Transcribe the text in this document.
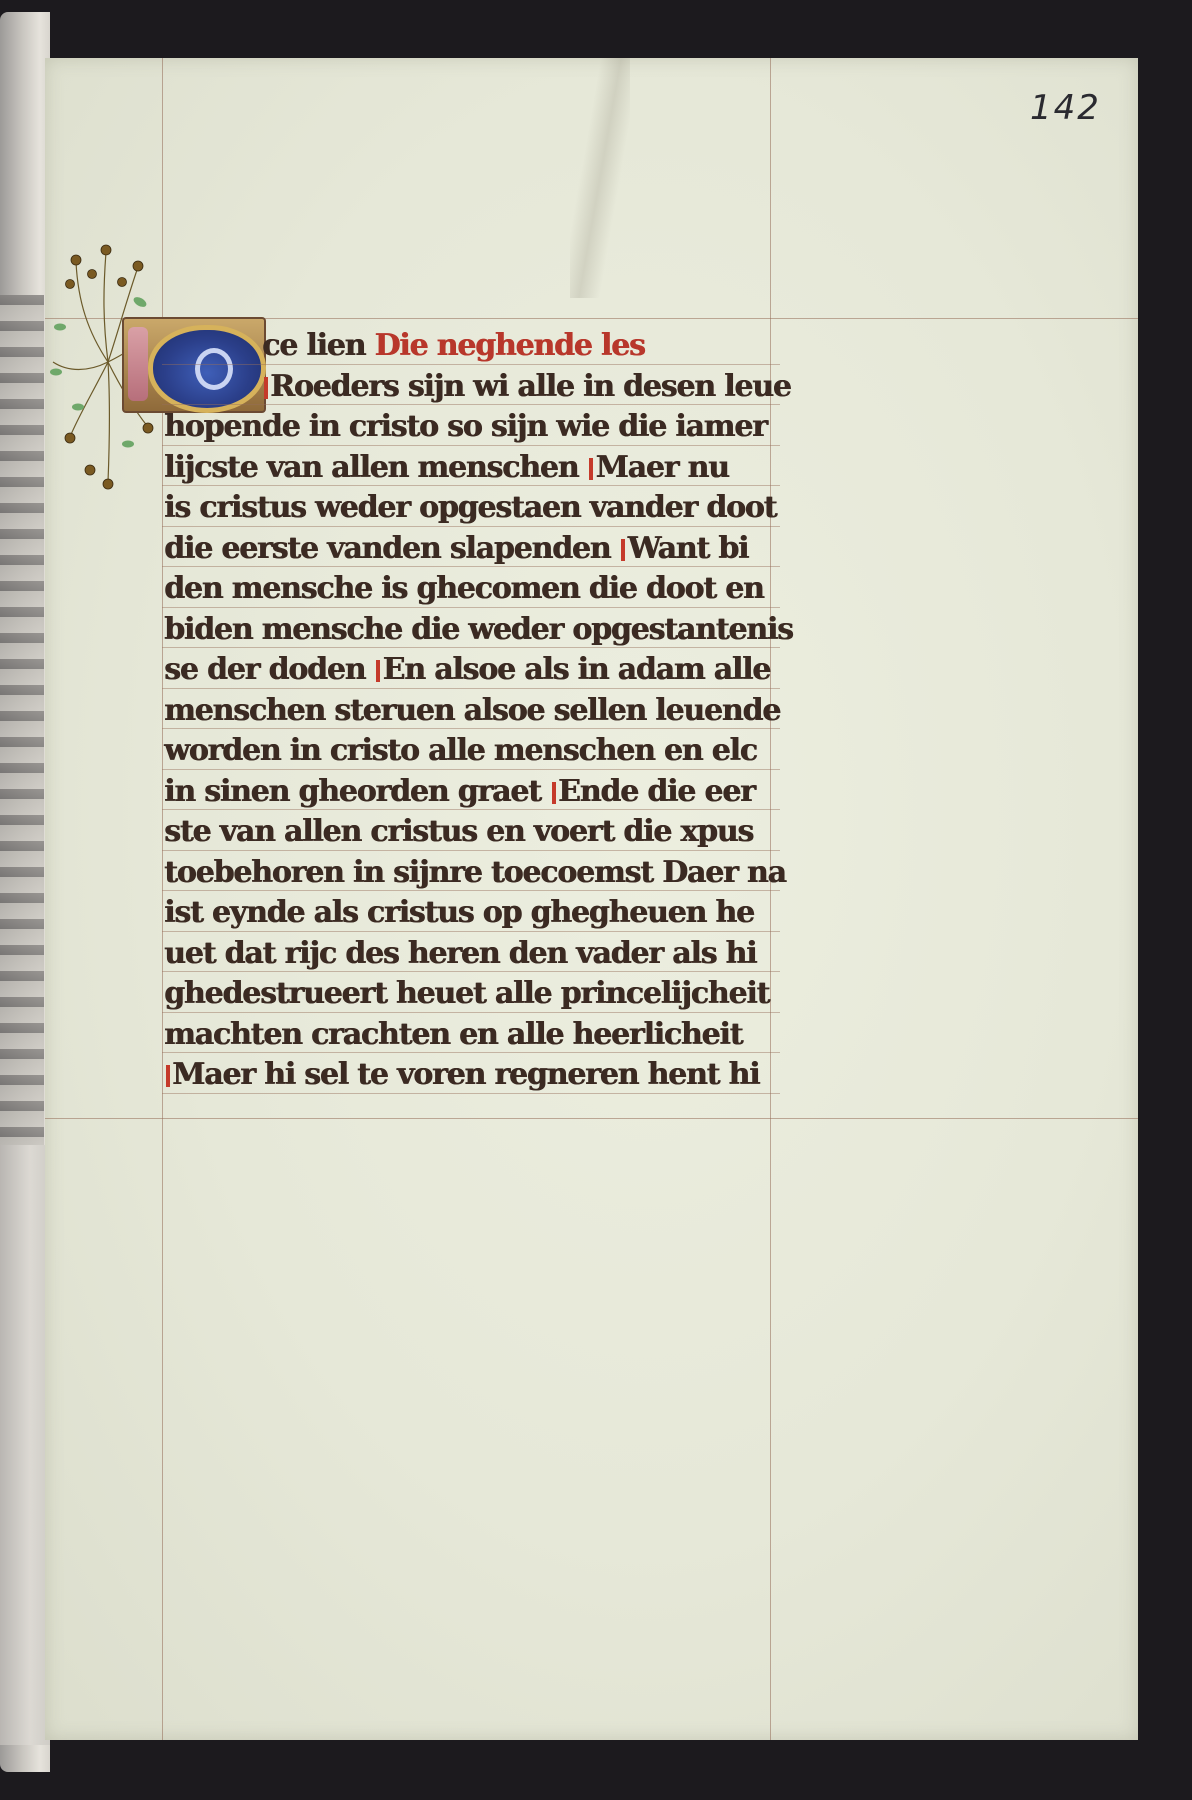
142
ce lien Die neghende les
Roeders sijn wi alle in desen leue
hopende in cristo so sijn wie die iamer
lijcste van allen menschen Maer nu
is cristus weder opgestaen vander doot
die eerste vanden slapenden Want bi
den mensche is ghecomen die doot en
biden mensche die weder opgestantenis
se der doden En alsoe als in adam alle
menschen steruen alsoe sellen leuende
worden in cristo alle menschen en elc
in sinen gheorden graet Ende die eer
ste van allen cristus en voert die xpus
toebehoren in sijnre toecoemst Daer na
ist eynde als cristus op ghegheuen he
uet dat rijc des heren den vader als hi
ghedestrueert heuet alle princelijcheit
machten crachten en alle heerlicheit
Maer hi sel te voren regneren hent hi
